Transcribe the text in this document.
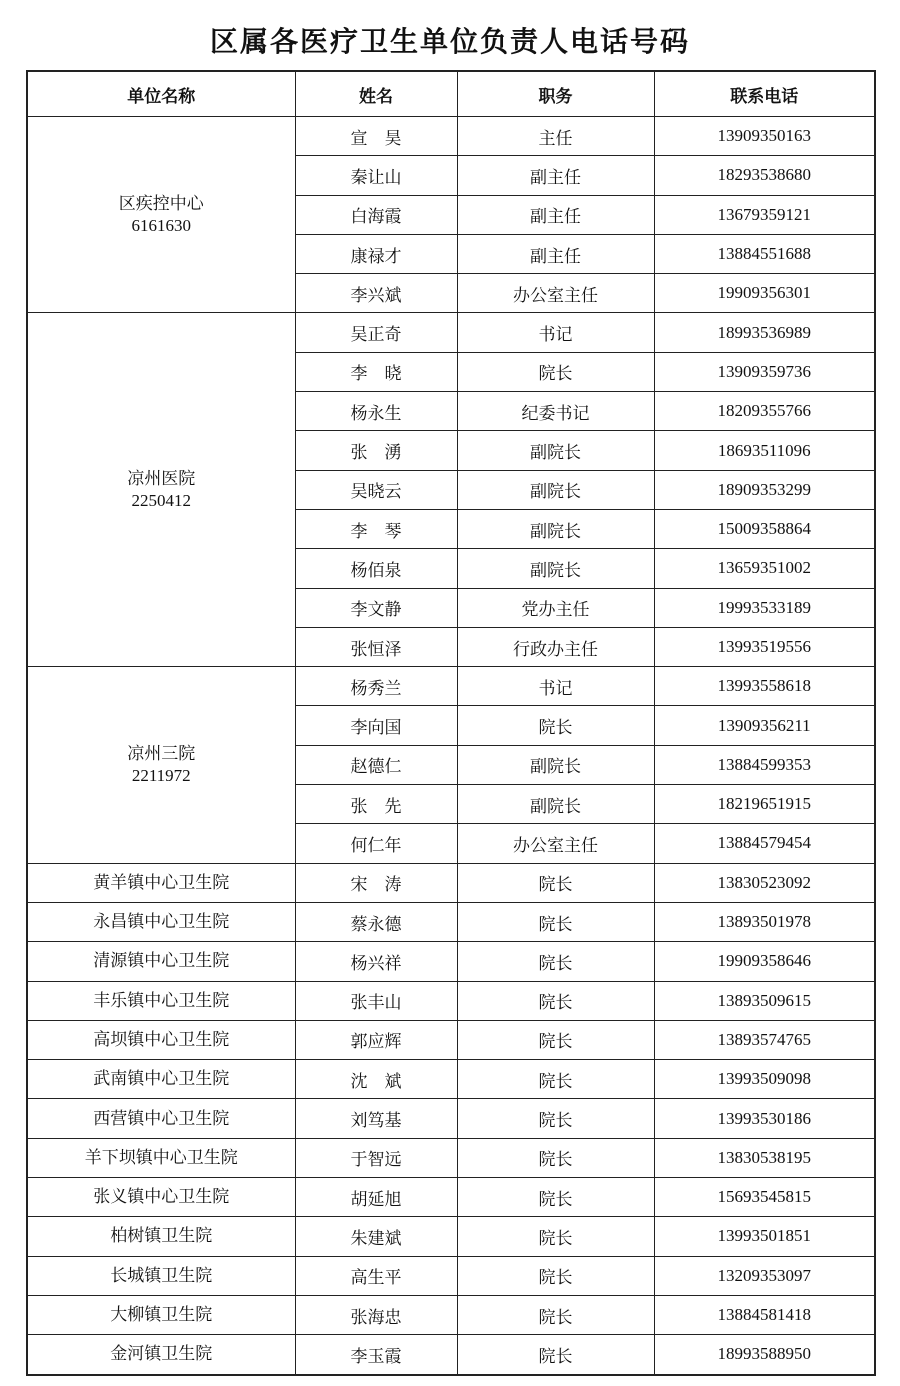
区属各医疗卫生单位负责人电话号码
单位名称	姓名	职务	联系电话

区疾控中心
6161630	宣　昊	主任	13909350163
	秦让山	副主任	18293538680
	白海霞	副主任	13679359121
	康禄才	副主任	13884551688
	李兴斌	办公室主任	19909356301

凉州医院
2250412	吴正奇	书记	18993536989
	李　晓	院长	13909359736
	杨永生	纪委书记	18209355766
	张　湧	副院长	18693511096
	吴晓云	副院长	18909353299
	李　琴	副院长	15009358864
	杨佰泉	副院长	13659351002
	李文静	党办主任	19993533189
	张恒泽	行政办主任	13993519556

凉州三院
2211972	杨秀兰	书记	13993558618
	李向国	院长	13909356211
	赵德仁	副院长	13884599353
	张　先	副院长	18219651915
	何仁年	办公室主任	13884579454

黄羊镇中心卫生院	宋　涛	院长	13830523092

永昌镇中心卫生院	蔡永德	院长	13893501978

清源镇中心卫生院	杨兴祥	院长	19909358646

丰乐镇中心卫生院	张丰山	院长	13893509615

高坝镇中心卫生院	郭应辉	院长	13893574765

武南镇中心卫生院	沈　斌	院长	13993509098

西营镇中心卫生院	刘笃基	院长	13993530186

羊下坝镇中心卫生院	于智远	院长	13830538195

张义镇中心卫生院	胡延旭	院长	15693545815

柏树镇卫生院	朱建斌	院长	13993501851

长城镇卫生院	高生平	院长	13209353097

大柳镇卫生院	张海忠	院长	13884581418

金河镇卫生院	李玉霞	院长	18993588950
